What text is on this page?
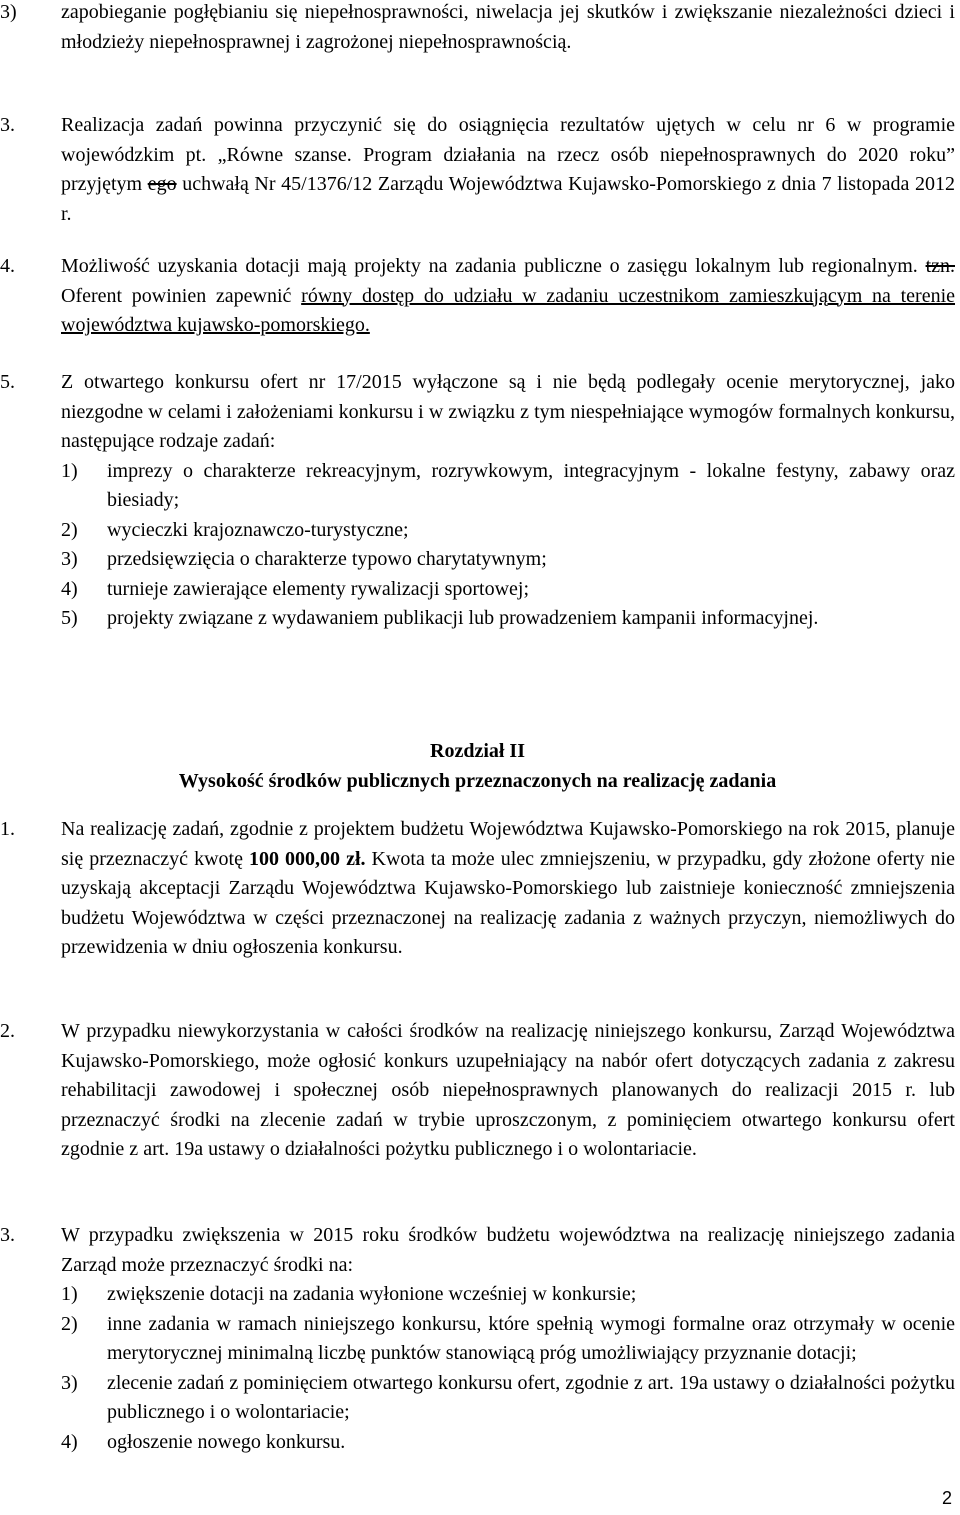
3) zapobieganie pogłębianiu się niepełnosprawności, niwelacja jej skutków i zwiększanie niezależności dzieci i młodzieży niepełnosprawnej i zagrożonej niepełnosprawnością.
3. Realizacja zadań powinna przyczynić się do osiągnięcia rezultatów ujętych w celu nr 6 w programie wojewódzkim pt. „Równe szanse. Program działania na rzecz osób niepełnosprawnych do 2020 roku” przyjętym ego uchwałą Nr 45/1376/12 Zarządu Województwa Kujawsko-Pomorskiego z dnia 7 listopada 2012 r.
4. Możliwość uzyskania dotacji mają projekty na zadania publiczne o zasięgu lokalnym lub regionalnym. tzn. Oferent powinien zapewnić równy dostęp do udziału w zadaniu uczestnikom zamieszkującym na terenie województwa kujawsko-pomorskiego.
5. Z otwartego konkursu ofert nr 17/2015 wyłączone są i nie będą podlegały ocenie merytorycznej, jako niezgodne w celami i założeniami konkursu i w związku z tym niespełniające wymogów formalnych konkursu, następujące rodzaje zadań:
1) imprezy o charakterze rekreacyjnym, rozrywkowym, integracyjnym - lokalne festyny, zabawy oraz biesiady;
2) wycieczki krajoznawczo-turystyczne;
3) przedsięwzięcia o charakterze typowo charytatywnym;
4) turnieje zawierające elementy rywalizacji sportowej;
5) projekty związane z wydawaniem publikacji lub prowadzeniem kampanii informacyjnej.
Rozdział II
Wysokość środków publicznych przeznaczonych na realizację zadania
1. Na realizację zadań, zgodnie z projektem budżetu Województwa Kujawsko-Pomorskiego na rok 2015, planuje się przeznaczyć kwotę 100 000,00 zł. Kwota ta może ulec zmniejszeniu, w przypadku, gdy złożone oferty nie uzyskają akceptacji Zarządu Województwa Kujawsko-Pomorskiego lub zaistnieje konieczność zmniejszenia budżetu Województwa w części przeznaczonej na realizację zadania z ważnych przyczyn, niemożliwych do przewidzenia w dniu ogłoszenia konkursu.
2. W przypadku niewykorzystania w całości środków na realizację niniejszego konkursu, Zarząd Województwa Kujawsko-Pomorskiego, może ogłosić konkurs uzupełniający na nabór ofert dotyczących zadania z zakresu rehabilitacji zawodowej i społecznej osób niepełnosprawnych planowanych do realizacji 2015 r. lub przeznaczyć środki na zlecenie zadań w trybie uproszczonym, z pominięciem otwartego konkursu ofert zgodnie z art. 19a ustawy o działalności pożytku publicznego i o wolontariacie.
3. W przypadku zwiększenia w 2015 roku środków budżetu województwa na realizację niniejszego zadania Zarząd może przeznaczyć środki na:
1) zwiększenie dotacji na zadania wyłonione wcześniej w konkursie;
2) inne zadania w ramach niniejszego konkursu, które spełnią wymogi formalne oraz otrzymały w ocenie merytorycznej minimalną liczbę punktów stanowiącą próg umożliwiający przyznanie dotacji;
3) zlecenie zadań z pominięciem otwartego konkursu ofert, zgodnie z art. 19a ustawy o działalności pożytku publicznego i o wolontariacie;
4) ogłoszenie nowego konkursu.
2
